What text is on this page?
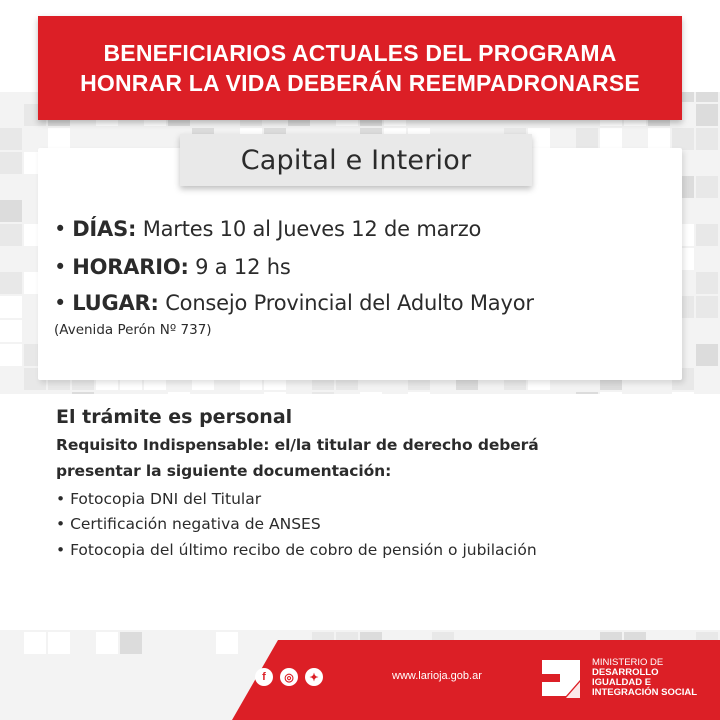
BENEFICIARIOS ACTUALES DEL PROGRAMA
HONRAR LA VIDA DEBERÁN REEMPADRONARSE
Capital e Interior
• DÍAS: Martes 10 al Jueves 12 de marzo
• HORARIO: 9 a 12 hs
• LUGAR: Consejo Provincial del Adulto Mayor
(Avenida Perón Nº 737)
El trámite es personal
Requisito Indispensable: el/la titular de derecho deberá
presentar la siguiente documentación:
• Fotocopia DNI del Titular
• Certificación negativa de ANSES
• Fotocopia del último recibo de cobro de pensión o jubilación
f	◎	✦	www.larioja.gob.ar
MINISTERIO DE
DESARROLLO
IGUALDAD E
INTEGRACIÓN SOCIAL
